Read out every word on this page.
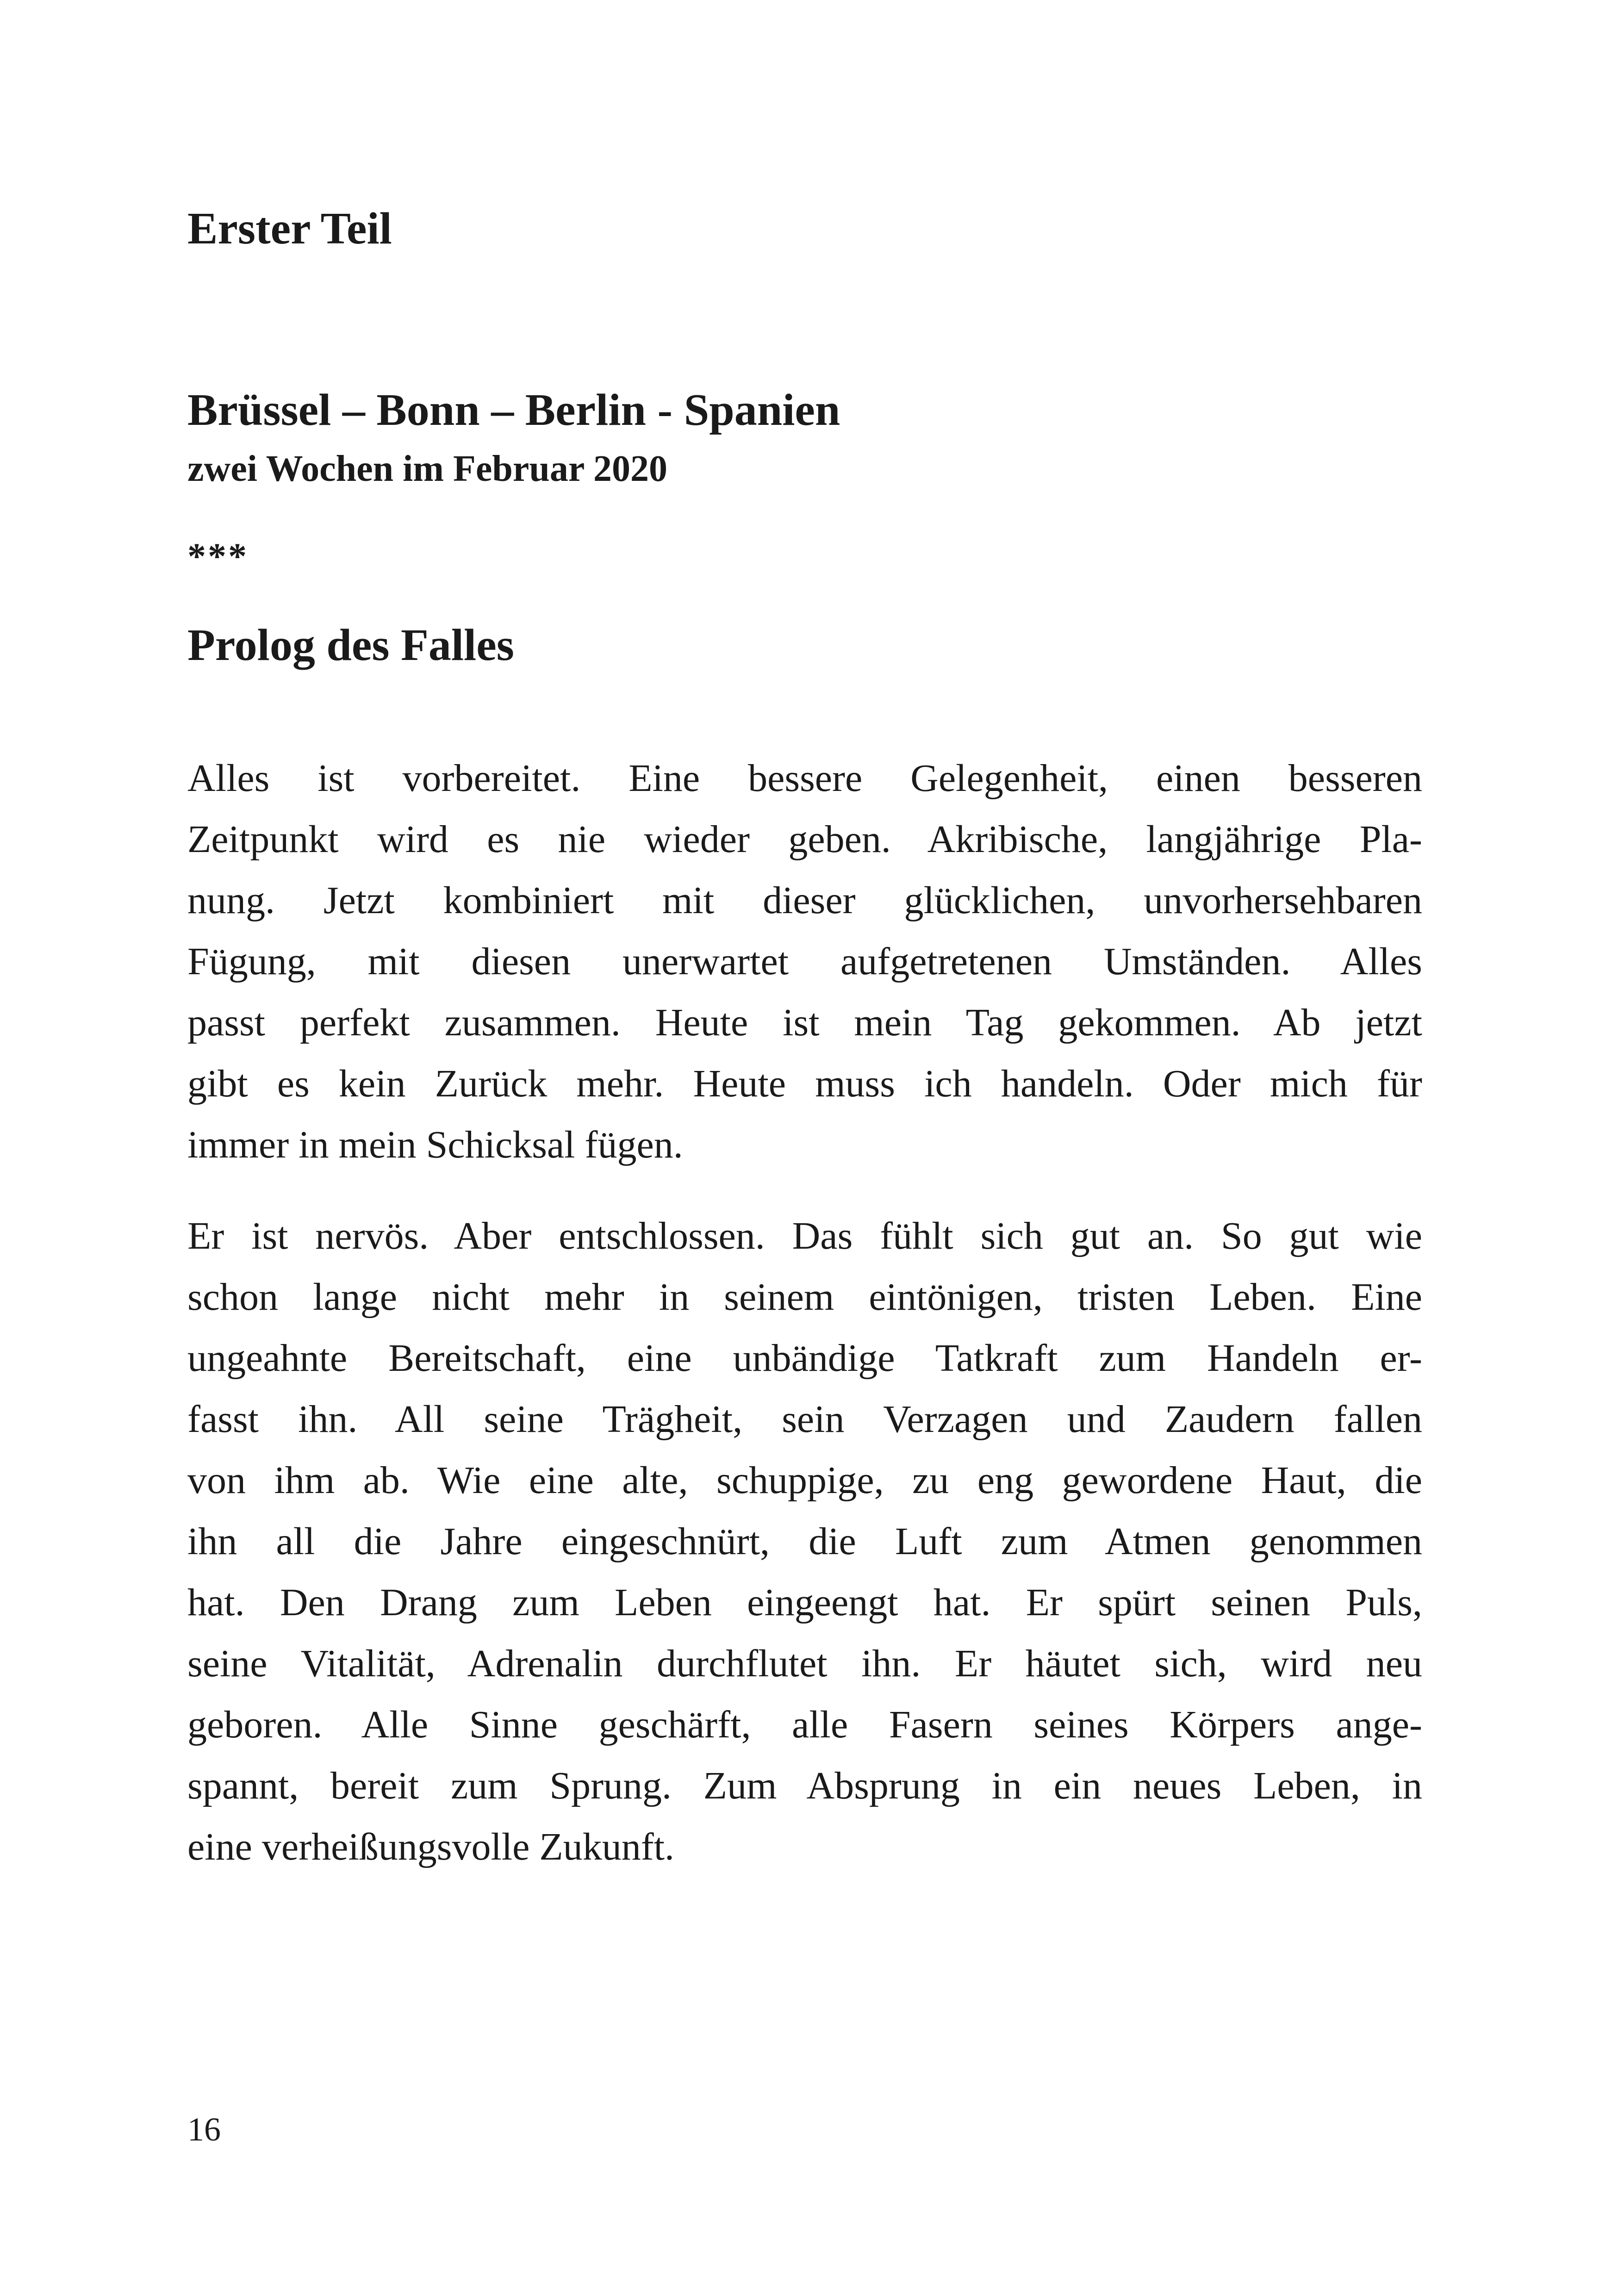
Erster Teil
Brüssel – Bonn – Berlin - Spanien
zwei Wochen im Februar 2020
***
Prolog des Falles
Alles ist vorbereitet. Eine bessere Gelegenheit, einen besseren
Zeitpunkt wird es nie wieder geben. Akribische, langjährige Pla-
nung. Jetzt kombiniert mit dieser glücklichen, unvorhersehbaren
Fügung, mit diesen unerwartet aufgetretenen Umständen. Alles
passt perfekt zusammen. Heute ist mein Tag gekommen. Ab jetzt
gibt es kein Zurück mehr. Heute muss ich handeln. Oder mich für
immer in mein Schicksal fügen.
Er ist nervös. Aber entschlossen. Das fühlt sich gut an. So gut wie
schon lange nicht mehr in seinem eintönigen, tristen Leben. Eine
ungeahnte Bereitschaft, eine unbändige Tatkraft zum Handeln er-
fasst ihn. All seine Trägheit, sein Verzagen und Zaudern fallen
von ihm ab. Wie eine alte, schuppige, zu eng gewordene Haut, die
ihn all die Jahre eingeschnürt, die Luft zum Atmen genommen
hat. Den Drang zum Leben eingeengt hat. Er spürt seinen Puls,
seine Vitalität, Adrenalin durchflutet ihn. Er häutet sich, wird neu
geboren. Alle Sinne geschärft, alle Fasern seines Körpers ange-
spannt, bereit zum Sprung. Zum Absprung in ein neues Leben, in
eine verheißungsvolle Zukunft.
16
